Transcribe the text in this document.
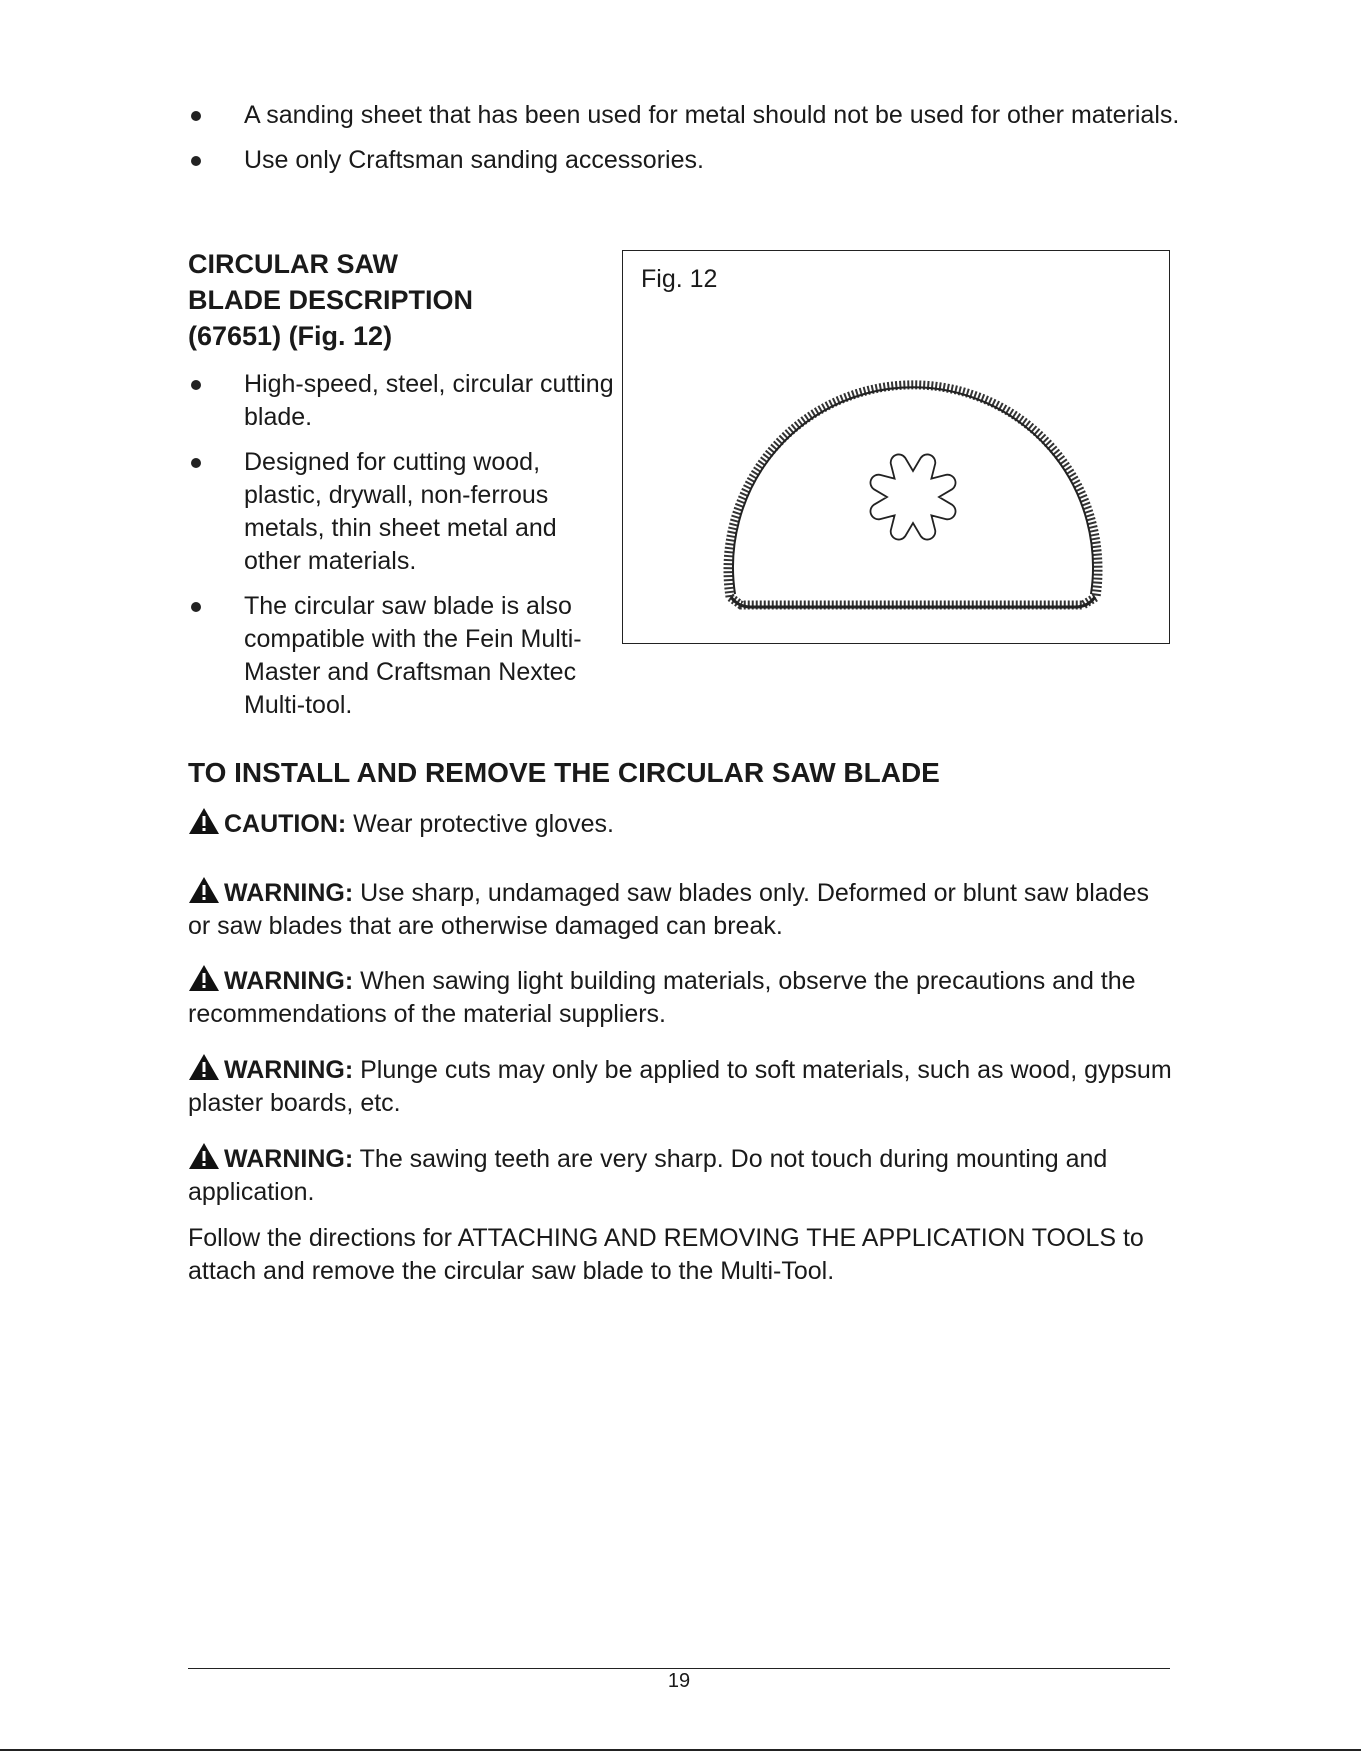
A sanding sheet that has been used for metal should not be used for other materials.
Use only Craftsman sanding accessories.
CIRCULAR SAW
BLADE DESCRIPTION
(67651) (Fig. 12)
High-speed, steel, circular cutting blade.
Designed for cutting wood, plastic, drywall, non-ferrous metals, thin sheet metal and other materials.
The circular saw blade is also compatible with the Fein Multi-Master and Craftsman Nextec Multi-tool.
Fig. 12
TO INSTALL AND REMOVE THE CIRCULAR SAW BLADE
CAUTION: Wear protective gloves.
WARNING: Use sharp, undamaged saw blades only. Deformed or blunt saw blades or saw blades that are otherwise damaged can break.
WARNING: When sawing light building materials, observe the precautions and the recommendations of the material suppliers.
WARNING: Plunge cuts may only be applied to soft materials, such as wood, gypsum plaster boards, etc.
WARNING: The sawing teeth are very sharp. Do not touch during mounting and application.
Follow the directions for ATTACHING AND REMOVING THE APPLICATION TOOLS to attach and remove the circular saw blade to the Multi-Tool.
19
